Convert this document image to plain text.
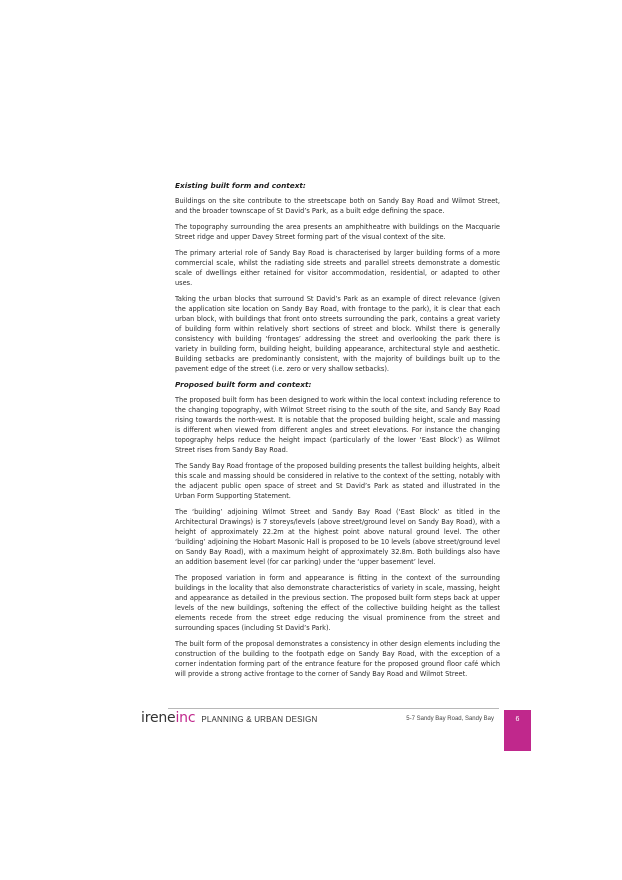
Existing built form and context:

Buildings on the site contribute to the streetscape both on Sandy Bay Road and Wilmot Street, and the broader townscape of St David’s Park, as a built edge defining the space.

The topography surrounding the area presents an amphitheatre with buildings on the Macquarie Street ridge and upper Davey Street forming part of the visual context of the site.

The primary arterial role of Sandy Bay Road is characterised by larger building forms of a more commercial scale, whilst the radiating side streets and parallel streets demonstrate a domestic scale of dwellings either retained for visitor accommodation, residential, or adapted to other uses.

Taking the urban blocks that surround St David’s Park as an example of direct relevance (given the application site location on Sandy Bay Road, with frontage to the park), it is clear that each urban block, with buildings that front onto streets surrounding the park, contains a great variety of building form within relatively short sections of street and block. Whilst there is generally consistency with building ‘frontages’ addressing the street and overlooking the park there is variety in building form, building height, building appearance, architectural style and aesthetic. Building setbacks are predominantly consistent, with the majority of buildings built up to the pavement edge of the street (i.e. zero or very shallow setbacks).

Proposed built form and context:

The proposed built form has been designed to work within the local context including reference to the changing topography, with Wilmot Street rising to the south of the site, and Sandy Bay Road rising towards the north-west. It is notable that the proposed building height, scale and massing is different when viewed from different angles and street elevations. For instance the changing topography helps reduce the height impact (particularly of the lower ‘East Block’) as Wilmot Street rises from Sandy Bay Road.

The Sandy Bay Road frontage of the proposed building presents the tallest building heights, albeit this scale and massing should be considered in relative to the context of the setting, notably with the adjacent public open space of street and St David’s Park as stated and illustrated in the Urban Form Supporting Statement.

The ‘building’ adjoining Wilmot Street and Sandy Bay Road (‘East Block’ as titled in the Architectural Drawings) is 7 storeys/levels (above street/ground level on Sandy Bay Road), with a height of approximately 22.2m at the highest point above natural ground level. The other ‘building’ adjoining the Hobart Masonic Hall is proposed to be 10 levels (above street/ground level on Sandy Bay Road), with a maximum height of approximately 32.8m. Both buildings also have an addition basement level (for car parking) under the ‘upper basement’ level.

The proposed variation in form and appearance is fitting in the context of the surrounding buildings in the locality that also demonstrate characteristics of variety in scale, massing, height and appearance as detailed in the previous section. The proposed built form steps back at upper levels of the new buildings, softening the effect of the collective building height as the tallest elements recede from the street edge reducing the visual prominence from the street and surrounding spaces (including St David’s Park).

The built form of the proposal demonstrates a consistency in other design elements including the construction of the building to the footpath edge on Sandy Bay Road, with the exception of a corner indentation forming part of the entrance feature for the proposed ground floor café which will provide a strong active frontage to the corner of Sandy Bay Road and Wilmot Street.

irene inc PLANNING & URBAN DESIGN	5-7 Sandy Bay Road, Sandy Bay	6
